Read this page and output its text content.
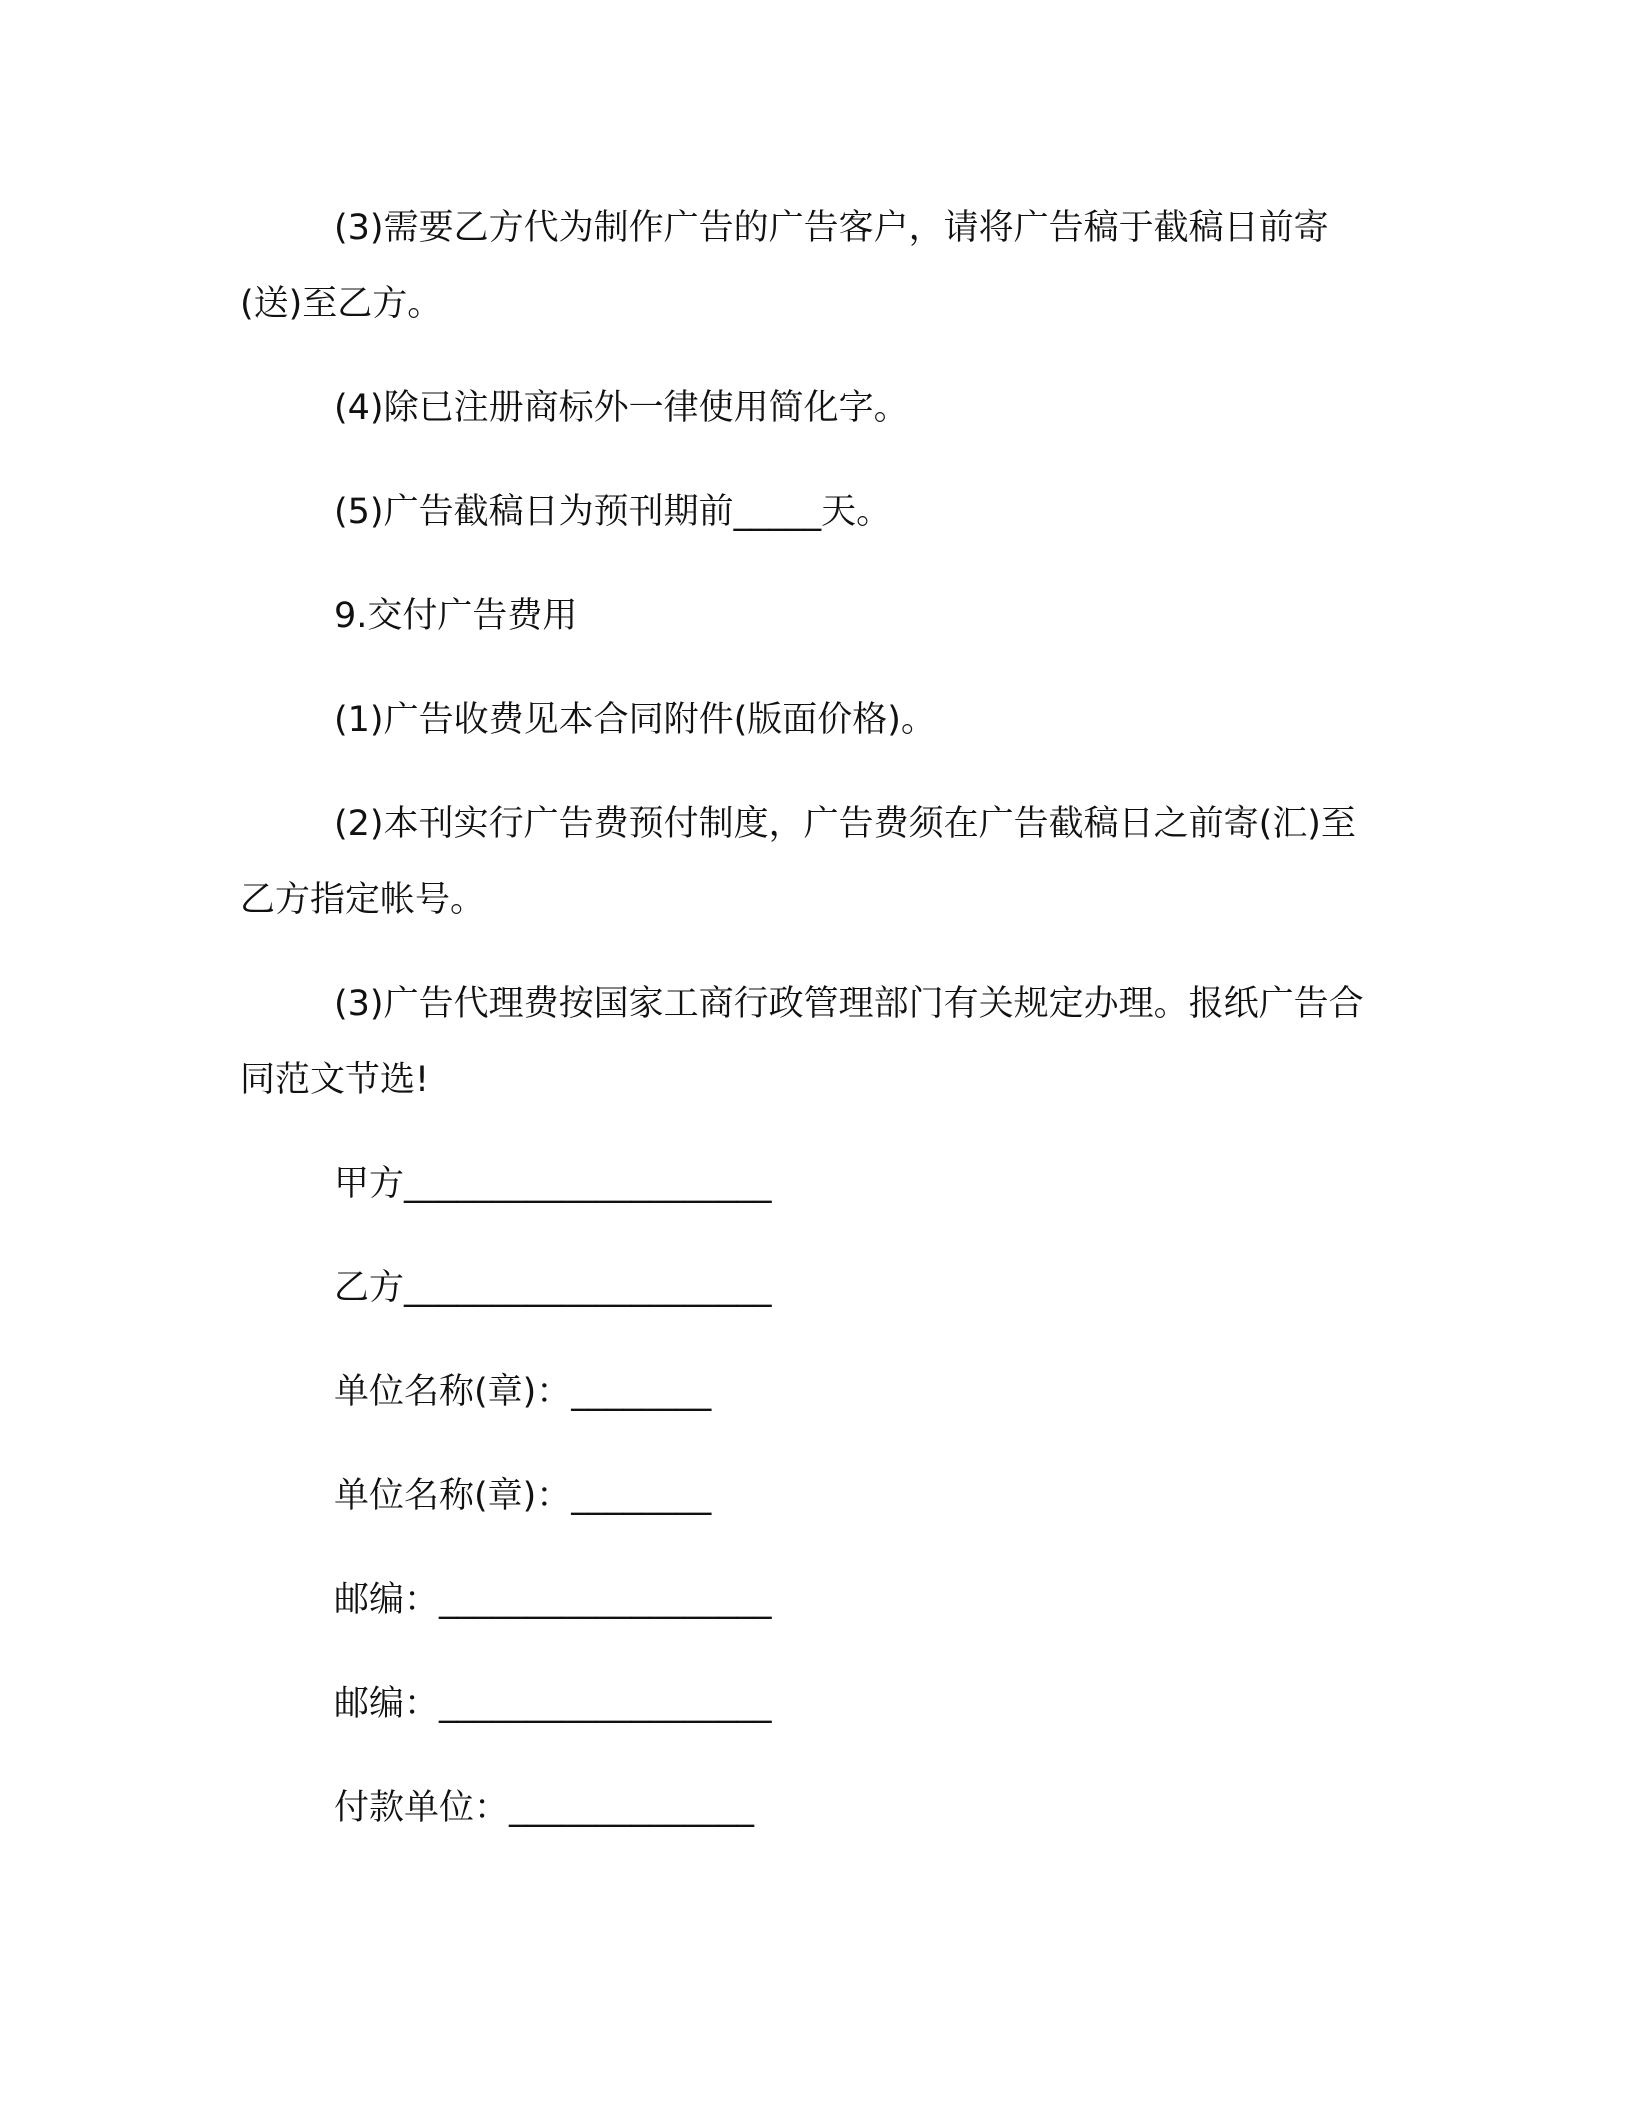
(3)需要乙方代为制作广告的广告客户，请将广告稿于截稿日前寄(送)至乙方。

(4)除已注册商标外一律使用简化字。

(5)广告截稿日为预刊期前_____天。

9.交付广告费用

(1)广告收费见本合同附件(版面价格)。

(2)本刊实行广告费预付制度，广告费须在广告截稿日之前寄(汇)至乙方指定帐号。

(3)广告代理费按国家工商行政管理部门有关规定办理。报纸广告合同范文节选!

甲方_____________________

乙方_____________________

单位名称(章)：________

单位名称(章)：________

邮编：___________________

邮编：___________________

付款单位：______________
